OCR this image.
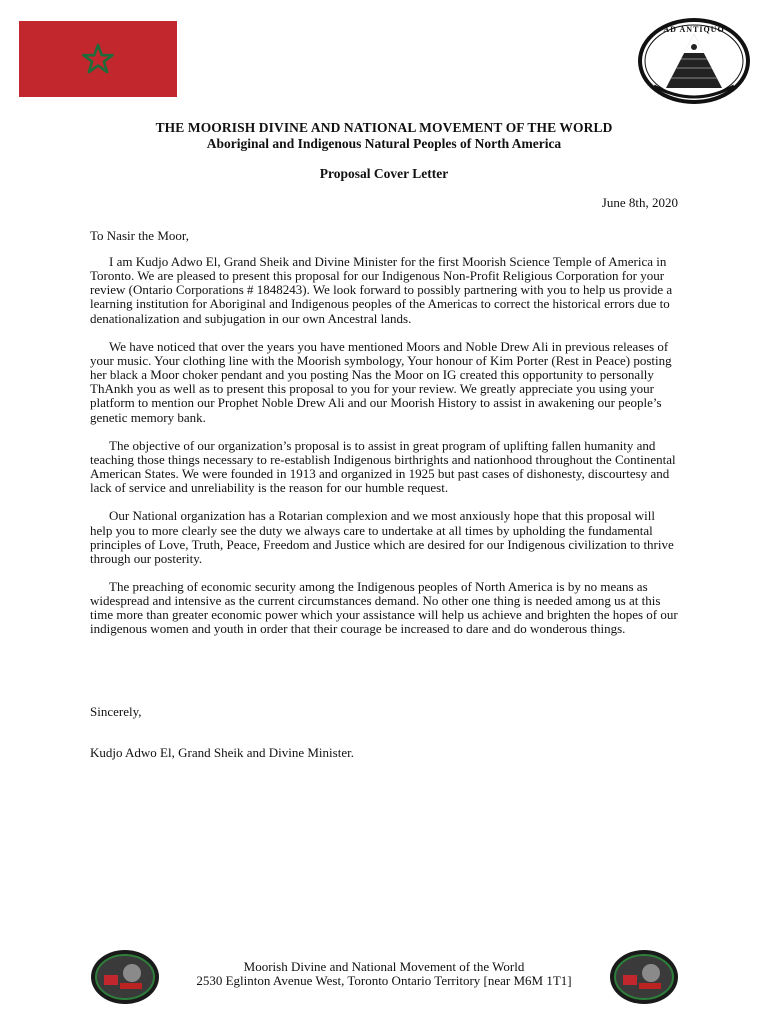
AD ANTIQUO
THE MOORISH DIVINE AND NATIONAL MOVEMENT OF THE WORLD
Aboriginal and Indigenous Natural Peoples of North America
Proposal Cover Letter
June 8th, 2020
To Nasir the Moor,

I am Kudjo Adwo El, Grand Sheik and Divine Minister for the first Moorish Science Temple of America in Toronto. We are pleased to present this proposal for our Indigenous Non-Profit Religious Corporation for your review (Ontario Corporations # 1848243). We look forward to possibly partnering with you to help us provide a learning institution for Aboriginal and Indigenous peoples of the Americas to correct the historical errors due to denationalization and subjugation in our own Ancestral lands.

We have noticed that over the years you have mentioned Moors and Noble Drew Ali in previous releases of your music. Your clothing line with the Moorish symbology, Your honour of Kim Porter (Rest in Peace) posting her black a Moor choker pendant and you posting Nas the Moor on IG created this opportunity to personally ThAnkh you as well as to present this proposal to you for your review. We greatly appreciate you using your platform to mention our Prophet Noble Drew Ali and our Moorish History to assist in awakening our people’s genetic memory bank.

The objective of our organization’s proposal is to assist in great program of uplifting fallen humanity and teaching those things necessary to re-establish Indigenous birthrights and nationhood throughout the Continental American States. We were founded in 1913 and organized in 1925 but past cases of dishonesty, discourtesy and lack of service and unreliability is the reason for our humble request.

Our National organization has a Rotarian complexion and we most anxiously hope that this proposal will help you to more clearly see the duty we always care to undertake at all times by upholding the fundamental principles of Love, Truth, Peace, Freedom and Justice which are desired for our Indigenous civilization to thrive through our posterity.

The preaching of economic security among the Indigenous peoples of North America is by no means as widespread and intensive as the current circumstances demand. No other one thing is needed among us at this time more than greater economic power which your assistance will help us achieve and brighten the hopes of our indigenous women and youth in order that their courage be increased to dare and do wonderous things.

Sincerely,
Kudjo Adwo El, Grand Sheik and Divine Minister.
Moorish Divine and National Movement of the World
2530 Eglinton Avenue West, Toronto Ontario Territory [near M6M 1T1]
